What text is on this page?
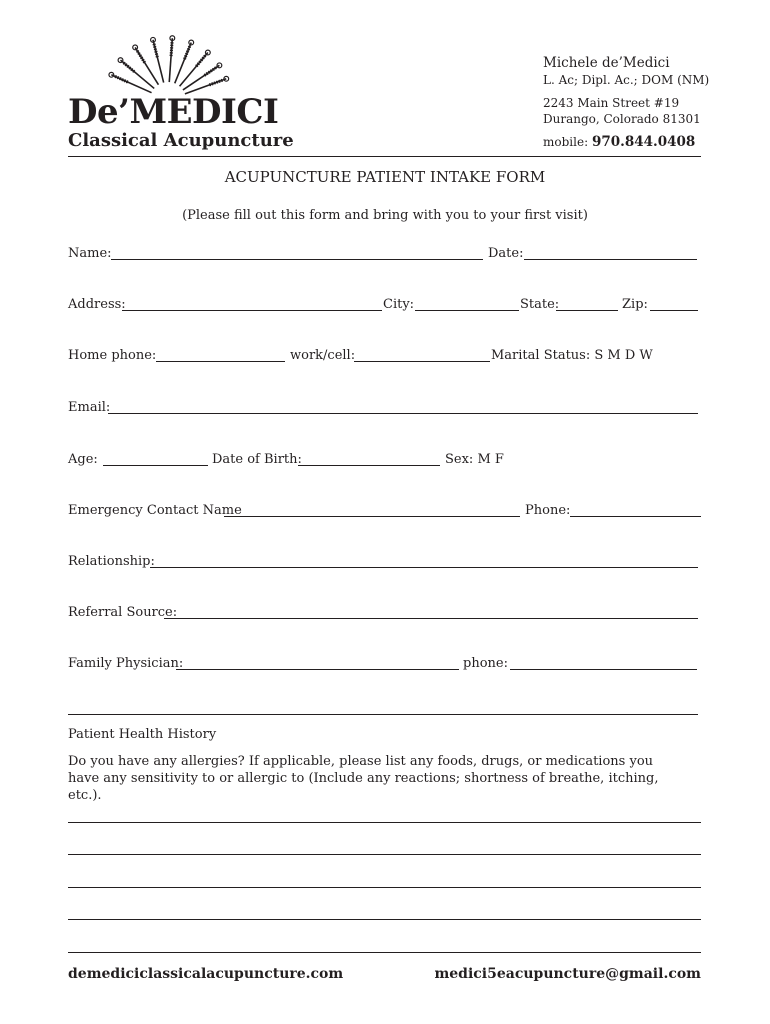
De’MEDICI
Classical Acupuncture
Michele de’Medici
L. Ac; Dipl. Ac.; DOM (NM)
2243 Main Street #19
Durango, Colorado 81301
mobile: 970.844.0408
ACUPUNCTURE PATIENT INTAKE FORM
(Please fill out this form and bring with you to your first visit)
Name:	Date:
Address:	City:	State:	Zip:
Home phone:	work/cell:	Marital Status: S M D W
Email:
Age:	Date of Birth:	Sex: M F
Emergency Contact Name	Phone:
Relationship:
Referral Source:
Family Physician:	phone:
Patient Health History
Do you have any allergies? If applicable, please list any foods, drugs, or medications you have any sensitivity to or allergic to (Include any reactions; shortness of breathe, itching, etc.).
demediciclassicalacupuncture.com	medici5eacupuncture@gmail.com
